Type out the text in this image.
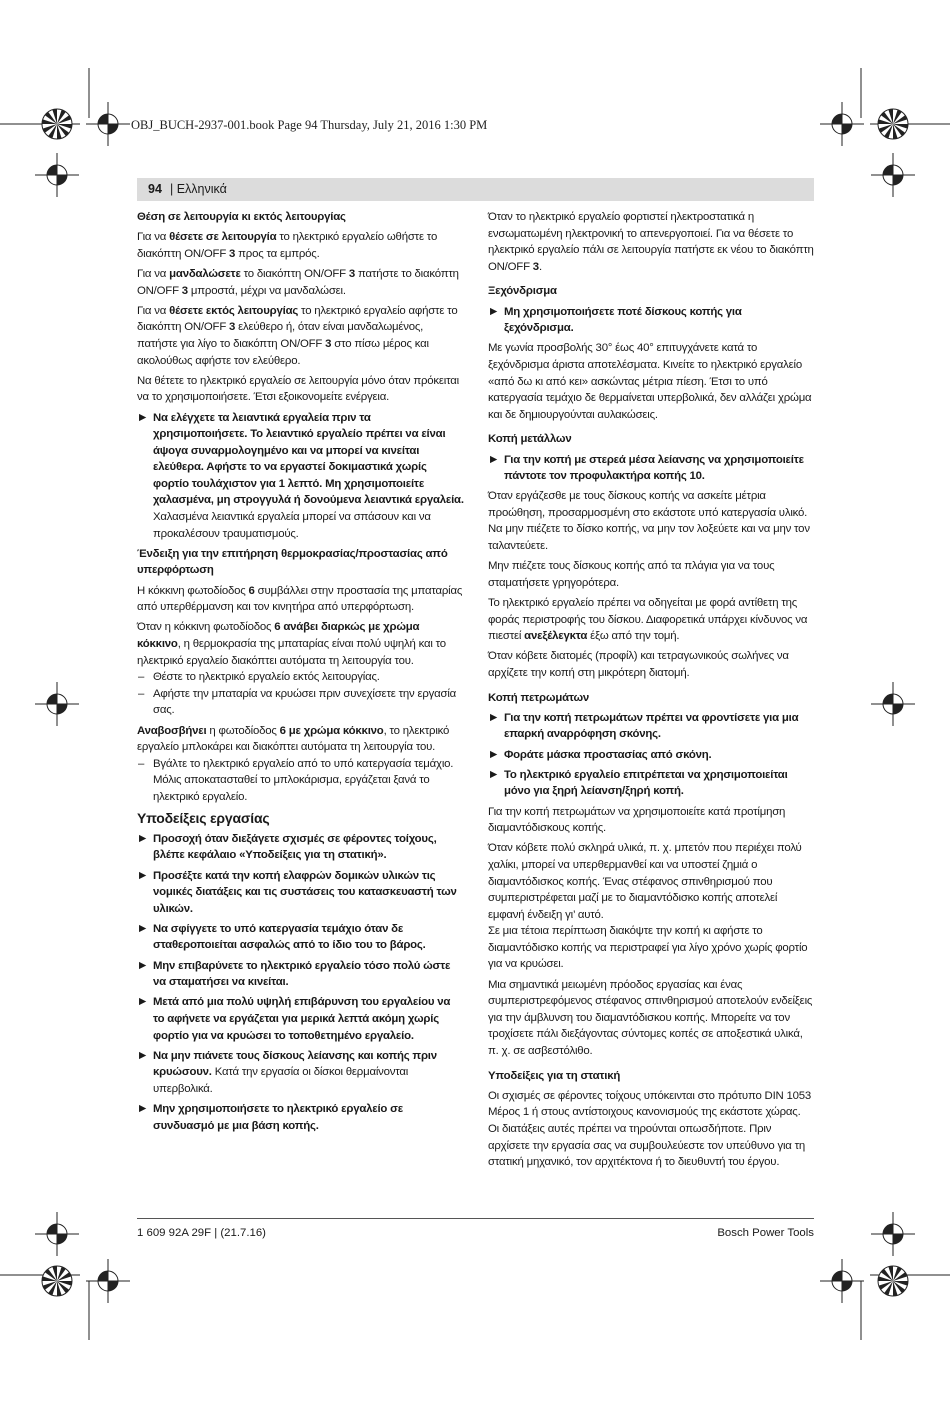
OBJ_BUCH-2937-001.book Page 94 Thursday, July 21, 2016 1:30 PM
94 | Ελληνικά

Θέση σε λειτουργία κι εκτός λειτουργίας

Για να θέσετε σε λειτουργία το ηλεκτρικό εργαλείο ωθήστε το διακόπτη ON/OFF 3 προς τα εμπρός.

Για να μανδαλώσετε το διακόπτη ON/OFF 3 πατήστε το διακόπτη ON/OFF 3 μπροστά, μέχρι να μανδαλώσει.

Για να θέσετε εκτός λειτουργίας το ηλεκτρικό εργαλείο αφήστε το διακόπτη ON/OFF 3 ελεύθερο ή, όταν είναι μανδαλωμένος, πατήστε για λίγο το διακόπτη ON/OFF 3 στο πίσω μέρος και ακολούθως αφήστε τον ελεύθερο.

Να θέτετε το ηλεκτρικό εργαλείο σε λειτουργία μόνο όταν πρόκειται να το χρησιμοποιήσετε. Έτσι εξοικονομείτε ενέργεια.

▶ Να ελέγχετε τα λειαντικά εργαλεία πριν τα χρησιμοποιήσετε. Το λειαντικό εργαλείο πρέπει να είναι άψογα συναρμολογημένο και να μπορεί να κινείται ελεύθερα. Αφήστε το να εργαστεί δοκιμαστικά χωρίς φορτίο τουλάχιστον για 1 λεπτό. Μη χρησιμοποιείτε χαλασμένα, μη στρογγυλά ή δονούμενα λειαντικά εργαλεία. Χαλασμένα λειαντικά εργαλεία μπορεί να σπάσουν και να προκαλέσουν τραυματισμούς.

Ένδειξη για την επιτήρηση θερμοκρασίας/προστασίας από υπερφόρτωση

Η κόκκινη φωτοδίοδος 6 συμβάλλει στην προστασία της μπαταρίας από υπερθέρμανση και τον κινητήρα από υπερφόρτωση.

Όταν η κόκκινη φωτοδίοδος 6 ανάβει διαρκώς με χρώμα κόκκινο, η θερμοκρασία της μπαταρίας είναι πολύ υψηλή και το ηλεκτρικό εργαλείο διακόπτει αυτόματα τη λειτουργία του.

– Θέστε το ηλεκτρικό εργαλείο εκτός λειτουργίας.
– Αφήστε την μπαταρία να κρυώσει πριν συνεχίσετε την εργασία σας.

Αναβοσβήνει η φωτοδίοδος 6 με χρώμα κόκκινο, το ηλεκτρικό εργαλείο μπλοκάρει και διακόπτει αυτόματα τη λειτουργία του.

– Βγάλτε το ηλεκτρικό εργαλείο από το υπό κατεργασία τεμάχιο.

Μόλις αποκατασταθεί το μπλοκάρισμα, εργάζεται ξανά το ηλεκτρικό εργαλείο.

Υποδείξεις εργασίας

▶ Προσοχή όταν διεξάγετε σχισμές σε φέροντες τοίχους, βλέπε κεφάλαιο «Υποδείξεις για τη στατική».
▶ Προσέξτε κατά την κοπή ελαφρών δομικών υλικών τις νομικές διατάξεις και τις συστάσεις του κατασκευαστή των υλικών.
▶ Να σφίγγετε το υπό κατεργασία τεμάχιο όταν δε σταθεροποιείται ασφαλώς από το ίδιο του το βάρος.
▶ Μην επιβαρύνετε το ηλεκτρικό εργαλείο τόσο πολύ ώστε να σταματήσει να κινείται.
▶ Μετά από μια πολύ υψηλή επιβάρυνση του εργαλείου να το αφήνετε να εργάζεται για μερικά λεπτά ακόμη χωρίς φορτίο για να κρυώσει το τοποθετημένο εργαλείο.
▶ Να μην πιάνετε τους δίσκους λείανσης και κοπής πριν κρυώσουν. Κατά την εργασία οι δίσκοι θερμαίνονται υπερβολικά.
▶ Μην χρησιμοποιήσετε το ηλεκτρικό εργαλείο σε συνδυασμό με μια βάση κοπής.

Όταν το ηλεκτρικό εργαλείο φορτιστεί ηλεκτροστατικά η ενσωματωμένη ηλεκτρονική το απενεργοποιεί. Για να θέσετε το ηλεκτρικό εργαλείο πάλι σε λειτουργία πατήστε εκ νέου το διακόπτη ON/OFF 3.

Ξεχόνδρισμα

▶ Μη χρησιμοποιήσετε ποτέ δίσκους κοπής για ξεχόνδρισμα.

Με γωνία προσβολής 30° έως 40° επιτυγχάνετε κατά το ξεχόνδρισμα άριστα αποτελέσματα. Κινείτε το ηλεκτρικό εργαλείο «από δω κι από κει» ασκώντας μέτρια πίεση. Έτσι το υπό κατεργασία τεμάχιο δε θερμαίνεται υπερβολικά, δεν αλλάζει χρώμα και δε δημιουργούνται αυλακώσεις.

Κοπή μετάλλων

▶ Για την κοπή με στερεά μέσα λείανσης να χρησιμοποιείτε πάντοτε τον προφυλακτήρα κοπής 10.

Όταν εργάζεσθε με τους δίσκους κοπής να ασκείτε μέτρια προώθηση, προσαρμοσμένη στο εκάστοτε υπό κατεργασία υλικό. Να μην πιέζετε το δίσκο κοπής, να μην τον λοξεύετε και να μην τον ταλαντεύετε.

Μην πιέζετε τους δίσκους κοπής από τα πλάγια για να τους σταματήσετε γρηγορότερα.

Το ηλεκτρικό εργαλείο πρέπει να οδηγείται με φορά αντίθετη της φοράς περιστροφής του δίσκου. Διαφορετικά υπάρχει κίνδυνος να πιεστεί ανεξέλεγκτα έξω από την τομή.

Όταν κόβετε διατομές (προφίλ) και τετραγωνικούς σωλήνες να αρχίζετε την κοπή στη μικρότερη διατομή.

Κοπή πετρωμάτων

▶ Για την κοπή πετρωμάτων πρέπει να φροντίσετε για μια επαρκή αναρρόφηση σκόνης.
▶ Φοράτε μάσκα προστασίας από σκόνη.
▶ Το ηλεκτρικό εργαλείο επιτρέπεται να χρησιμοποιείται μόνο για ξηρή λείανση/ξηρή κοπή.

Για την κοπή πετρωμάτων να χρησιμοποιείτε κατά προτίμηση διαμαντόδισκους κοπής.

Όταν κόβετε πολύ σκληρά υλικά, π. χ. μπετόν που περιέχει πολύ χαλίκι, μπορεί να υπερθερμανθεί και να υποστεί ζημιά ο διαμαντόδισκος κοπής. Ένας στέφανος σπινθηρισμού που συμπεριστρέφεται μαζί με το διαμαντόδισκο κοπής αποτελεί εμφανή ένδειξη γι’ αυτό.

Σε μια τέτοια περίπτωση διακόψτε την κοπή κι αφήστε το διαμαντόδισκο κοπής να περιστραφεί για λίγο χρόνο χωρίς φορτίο για να κρυώσει.

Μια σημαντικά μειωμένη πρόοδος εργασίας και ένας συμπεριστρεφόμενος στέφανος σπινθηρισμού αποτελούν ενδείξεις για την άμβλυνση του διαμαντόδισκου κοπής. Μπορείτε να τον τροχίσετε πάλι διεξάγοντας σύντομες κοπές σε αποξεστικά υλικά, π. χ. σε ασβεστόλιθο.

Υποδείξεις για τη στατική

Οι σχισμές σε φέροντες τοίχους υπόκεινται στο πρότυπο DIN 1053 Μέρος 1 ή στους αντίστοιχους κανονισμούς της εκάστοτε χώρας.

Οι διατάξεις αυτές πρέπει να τηρούνται οπωσδήποτε. Πριν αρχίσετε την εργασία σας να συμβουλεύεστε τον υπεύθυνο για τη στατική μηχανικό, τον αρχιτέκτονα ή το διευθυντή του έργου.

1 609 92A 29F | (21.7.16)	Bosch Power Tools
